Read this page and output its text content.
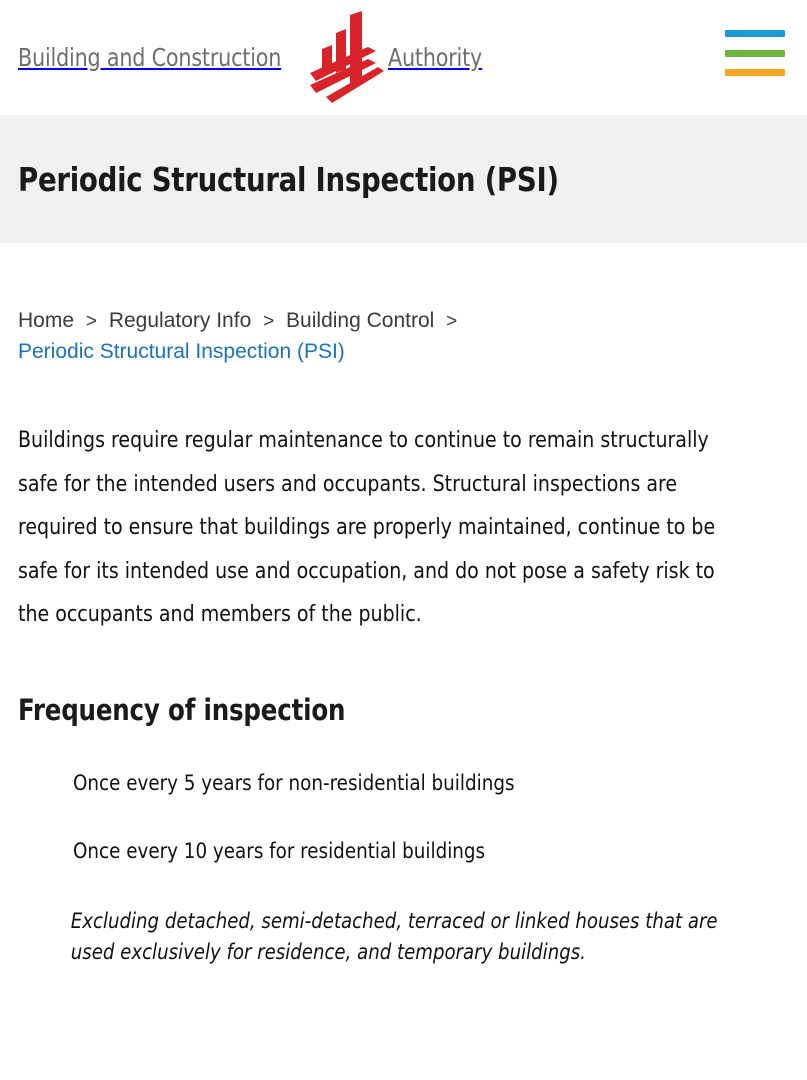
Building and Construction	Authority
Periodic Structural Inspection (PSI)
Home > Regulatory Info > Building Control > Periodic Structural Inspection (PSI)

Buildings require regular maintenance to continue to remain structurally safe for the intended users and occupants. Structural inspections are required to ensure that buildings are properly maintained, continue to be safe for its intended use and occupation, and do not pose a safety risk to the occupants and members of the public.

Frequency of inspection
Once every 5 years for non-residential buildings
Once every 10 years for residential buildings

Excluding detached, semi-detached, terraced or linked houses that are used exclusively for residence, and temporary buildings.
